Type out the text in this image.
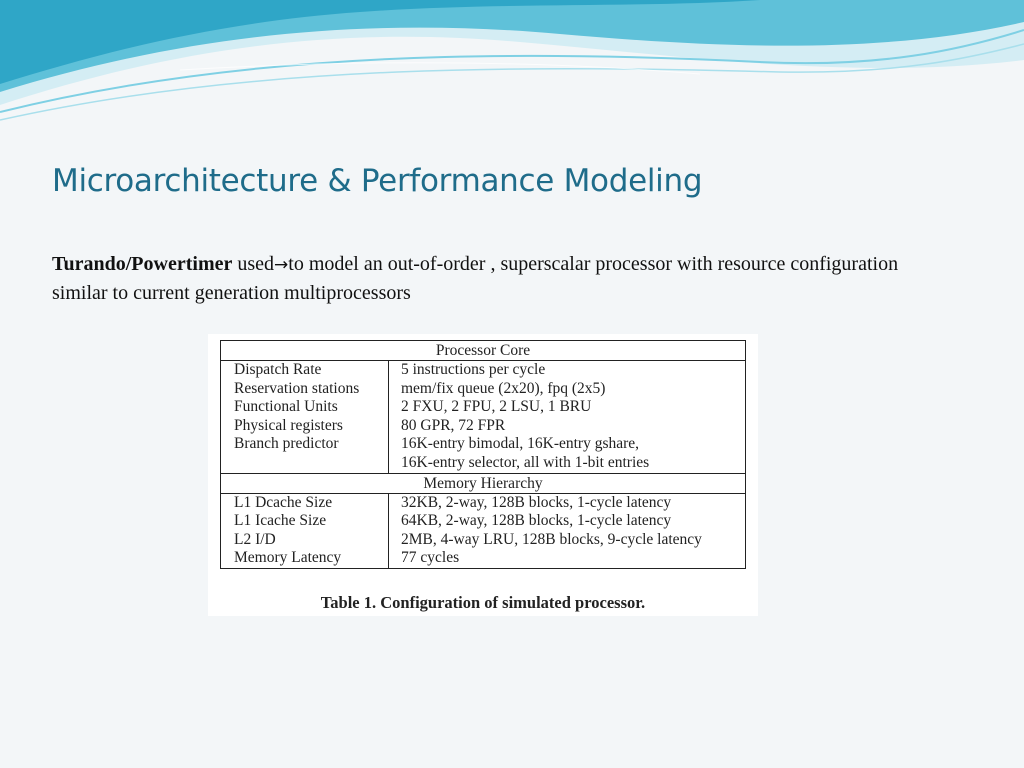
Microarchitecture & Performance Modeling
Turando/Powertimer used→to model an out-of-order , superscalar processor with resource configuration similar to current generation multiprocessors
Processor Core	
Dispatch Rate	5 instructions per cycle
Reservation stations	mem/fix queue (2x20), fpq (2x5)
Functional Units	2 FXU, 2 FPU, 2 LSU, 1 BRU
Physical registers	80 GPR, 72 FPR
Branch predictor	16K-entry bimodal, 16K-entry gshare,
	16K-entry selector, all with 1-bit entries
Memory Hierarchy	
L1 Dcache Size	32KB, 2-way, 128B blocks, 1-cycle latency
L1 Icache Size	64KB, 2-way, 128B blocks, 1-cycle latency
L2 I/D	2MB, 4-way LRU, 128B blocks, 9-cycle latency
Memory Latency	77 cycles
Table 1. Configuration of simulated processor.
